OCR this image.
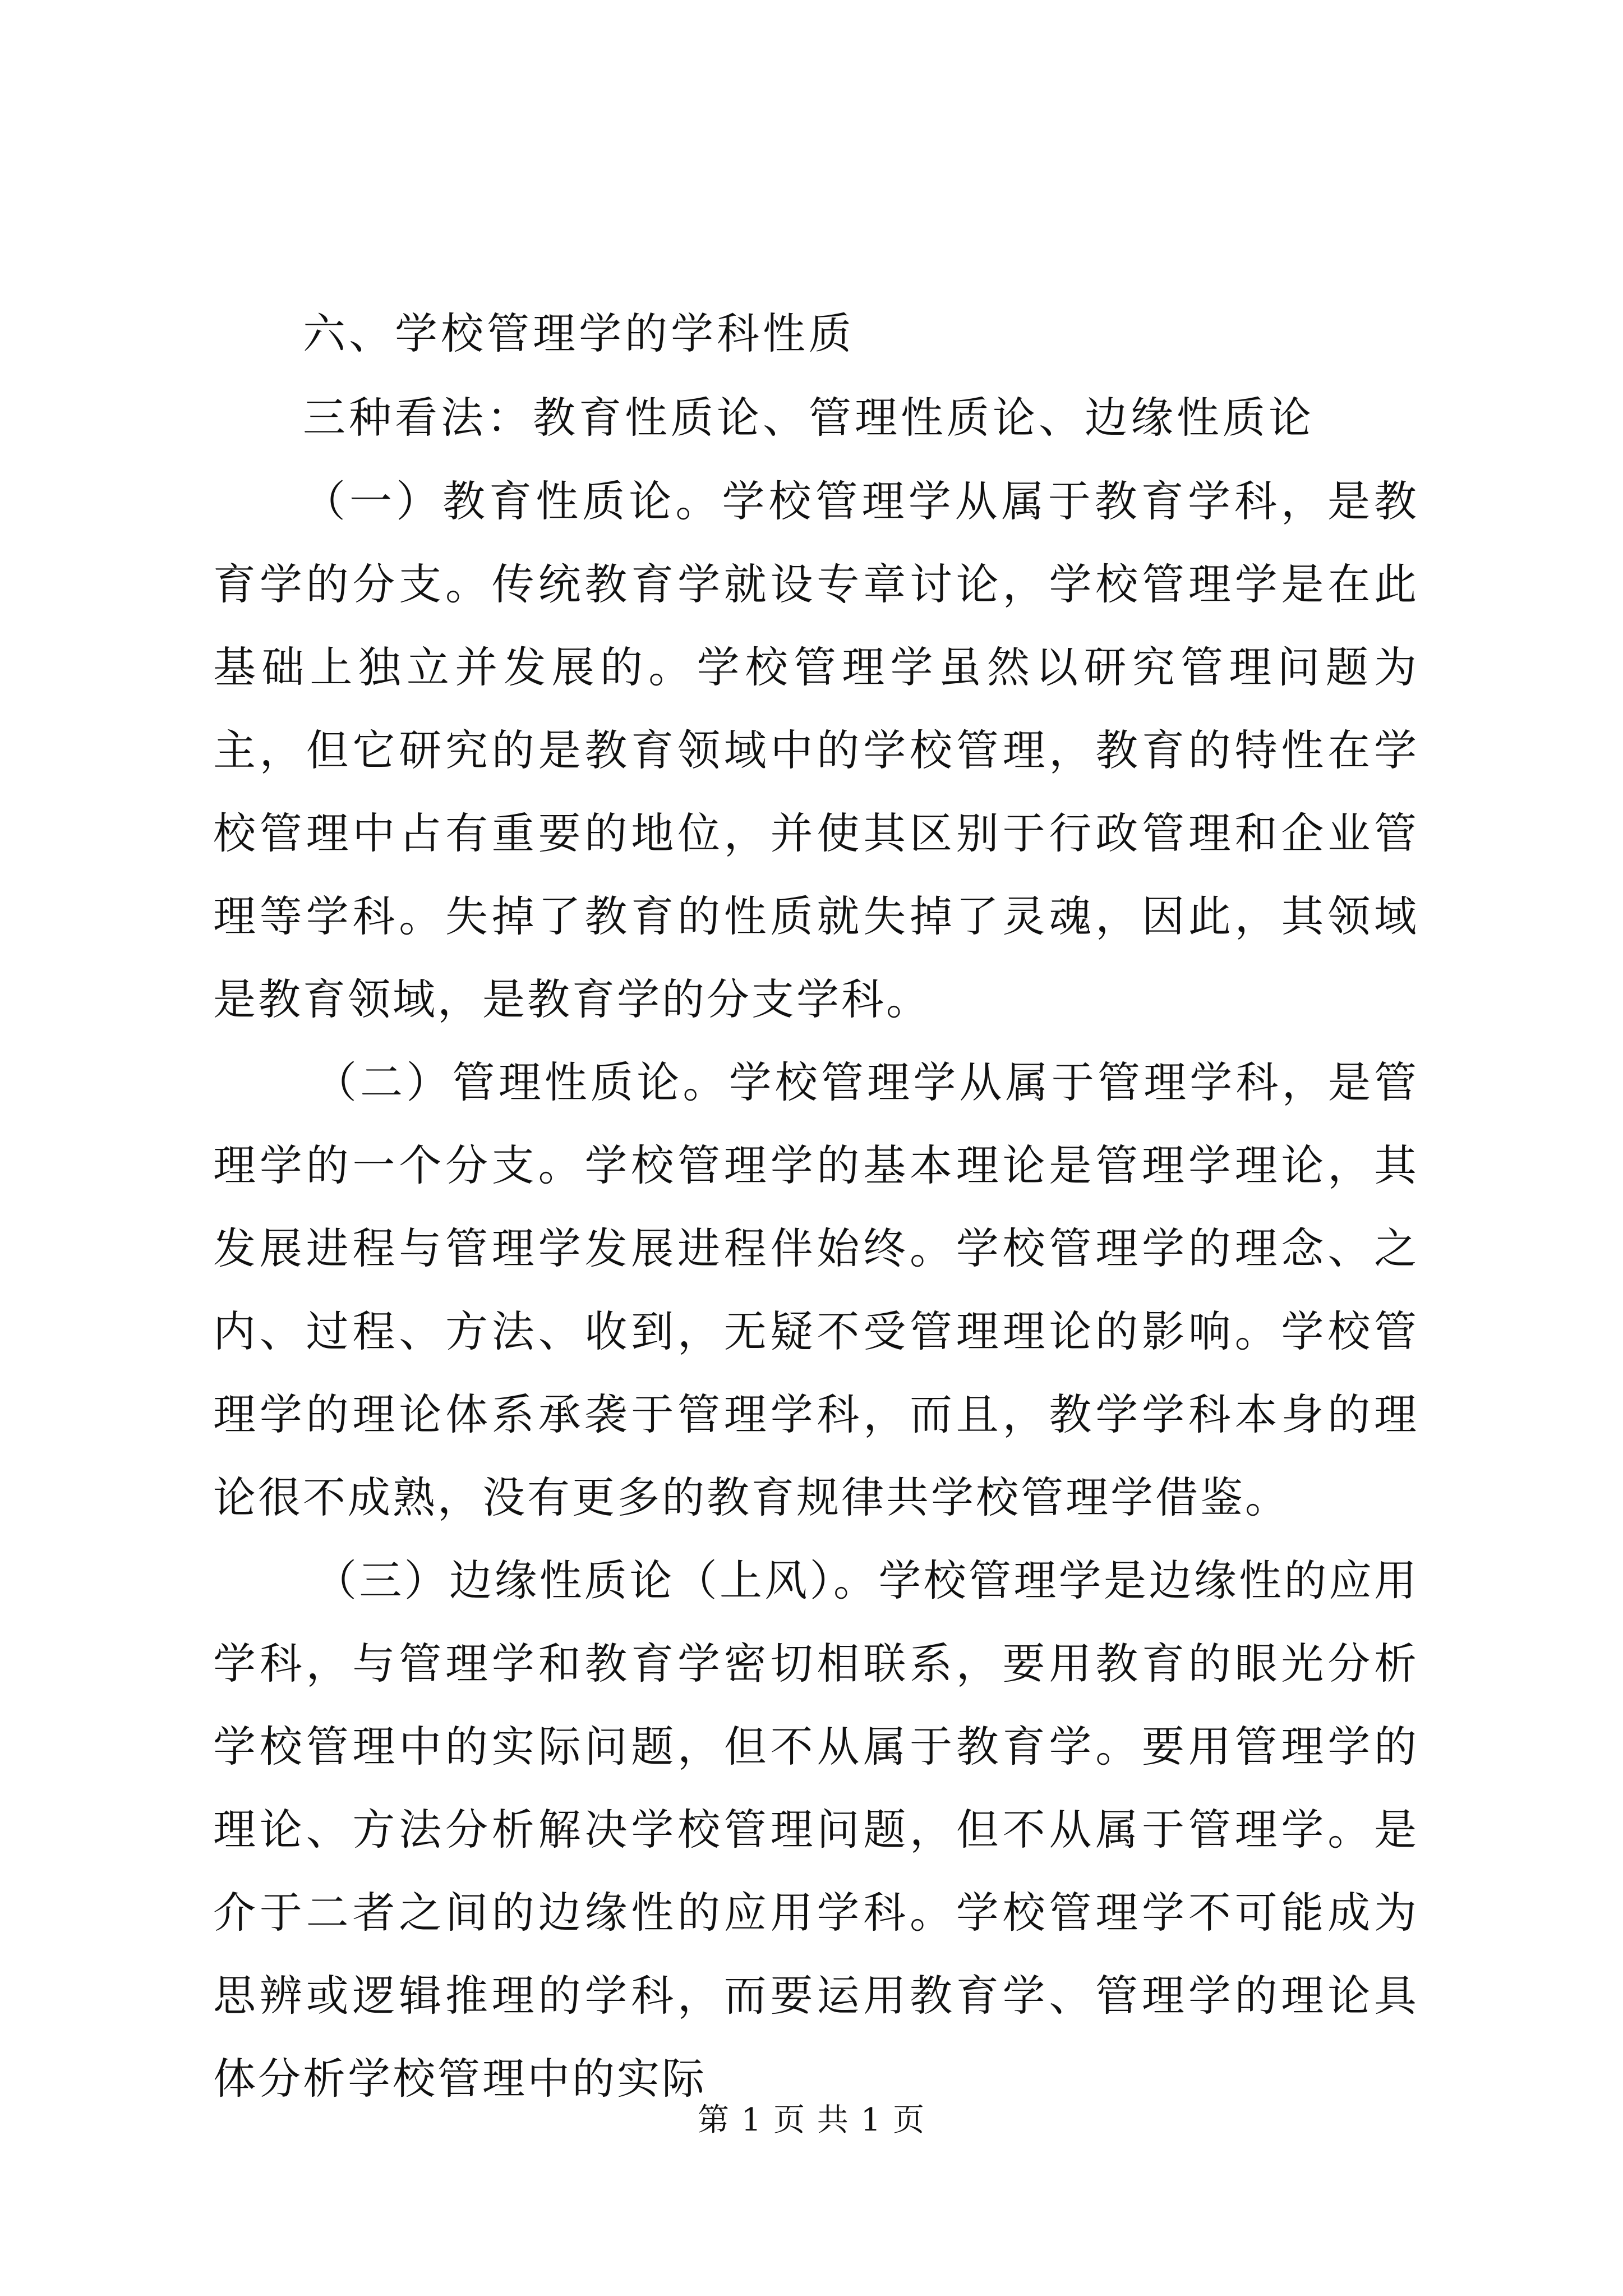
六、学校管理学的学科性质
三种看法：教育性质论、管理性质论、边缘性质论

（一）教育性质论。学校管理学从属于教育学科，是教育学的分支。传统教育学就设专章讨论，学校管理学是在此基础上独立并发展的。学校管理学虽然以研究管理问题为主，但它研究的是教育领域中的学校管理，教育的特性在学校管理中占有重要的地位，并使其区别于行政管理和企业管理等学科。失掉了教育的性质就失掉了灵魂，因此，其领域是教育领域，是教育学的分支学科。

（二）管理性质论。学校管理学从属于管理学科，是管理学的一个分支。学校管理学的基本理论是管理学理论，其发展进程与管理学发展进程伴始终。学校管理学的理念、之内、过程、方法、收到，无疑不受管理理论的影响。学校管理学的理论体系承袭于管理学科，而且，教学学科本身的理论很不成熟，没有更多的教育规律共学校管理学借鉴。

（三）边缘性质论（上风）。学校管理学是边缘性的应用学科，与管理学和教育学密切相联系，要用教育的眼光分析学校管理中的实际问题，但不从属于教育学。要用管理学的理论、方法分析解决学校管理问题，但不从属于管理学。是介于二者之间的边缘性的应用学科。学校管理学不可能成为思辨或逻辑推理的学科，而要运用教育学、管理学的理论具体分析学校管理中的实际

第 1 页 共 1 页
